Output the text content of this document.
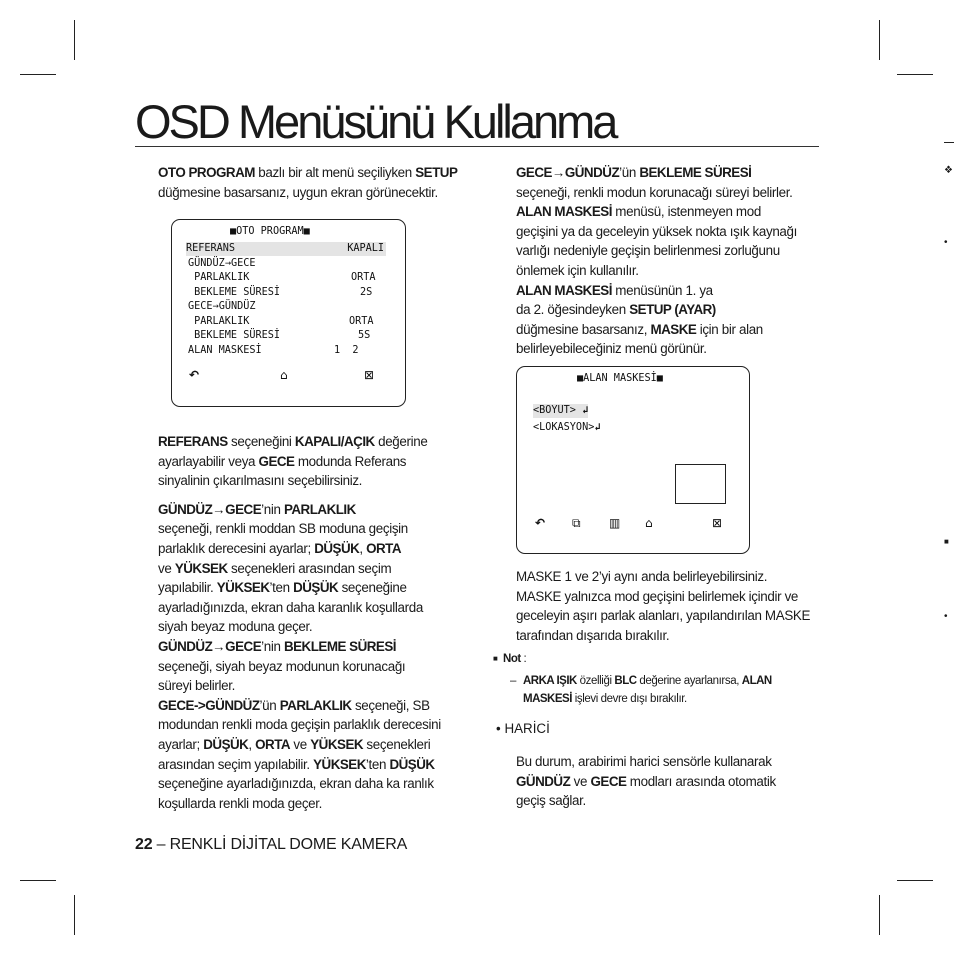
❖
•
■
•
OSD Menüsünü Kullanma

OTO PROGRAM bazlı bir alt menü seçiliyken SETUP

düğmesine basarsanız, uygun ekran görünecektir.

■OTO PROGRAM■
REFERANS	KAPALI
GÜNDÜZ→GECE
PARLAKLIK	ORTA
BEKLEME SÜRESİ	2S
GECE→GÜNDÜZ
PARLAKLIK	ORTA
BEKLEME SÜRESİ	5S
ALAN MASKESİ	1  2
↶	⌂	⊠

REFERANS seçeneğini KAPALI/AÇIK değerine

ayarlayabilir veya GECE modunda Referans

sinyalinin çıkarılmasını seçebilirsiniz.

GÜNDÜZ→GECE’nin PARLAKLIK

seçeneği, renkli moddan SB moduna geçişin

parlaklık derecesini ayarlar; DÜŞÜK, ORTA

ve YÜKSEK seçenekleri arasından seçim

yapılabilir. YÜKSEK’ten DÜŞÜK seçeneğine

ayarladığınızda, ekran daha karanlık koşullarda

siyah beyaz moduna geçer.

GÜNDÜZ→GECE’nin BEKLEME SÜRESİ

seçeneği, siyah beyaz modunun korunacağı

süreyi belirler.

GECE->GÜNDÜZ’ün PARLAKLIK seçeneği, SB

modundan renkli moda geçişin parlaklık derecesini

ayarlar; DÜŞÜK, ORTA ve YÜKSEK seçenekleri

arasından seçim yapılabilir. YÜKSEK’ten DÜŞÜK

seçeneğine ayarladığınızda, ekran daha ka ranlık

koşullarda renkli moda geçer.

GECE→GÜNDÜZ’ün BEKLEME SÜRESİ

seçeneği, renkli modun korunacağı süreyi belirler.

ALAN MASKESİ menüsü, istenmeyen mod

geçişini ya da geceleyin yüksek nokta ışık kaynağı

varlığı nedeniyle geçişin belirlenmesi zorluğunu

önlemek için kullanılır.

ALAN MASKESİ menüsünün 1. ya

da 2. öğesindeyken SETUP (AYAR)

düğmesine basarsanız, MASKE için bir alan

belirleyebileceğiniz menü görünür.

■ALAN MASKESİ■
<BOYUT> ↲
<LOKASYON>↲
↶ ⧉ ▥ ⌂	⊠

MASKE 1 ve 2’yi aynı anda belirleyebilirsiniz.

MASKE yalnızca mod geçişini belirlemek içindir ve

geceleyin aşırı parlak alanları, yapılandırılan MASKE

tarafından dışarıda bırakılır.

■ Not :
– ARKA IŞIK özelliği BLC değerine ayarlanırsa, ALAN
MASKESİ işlevi devre dışı bırakılır.
• HARİCİ

Bu durum, arabirimi harici sensörle kullanarak

GÜNDÜZ ve GECE modları arasında otomatik

geçiş sağlar.

22 – RENKLİ DİJİTAL DOME KAMERA
